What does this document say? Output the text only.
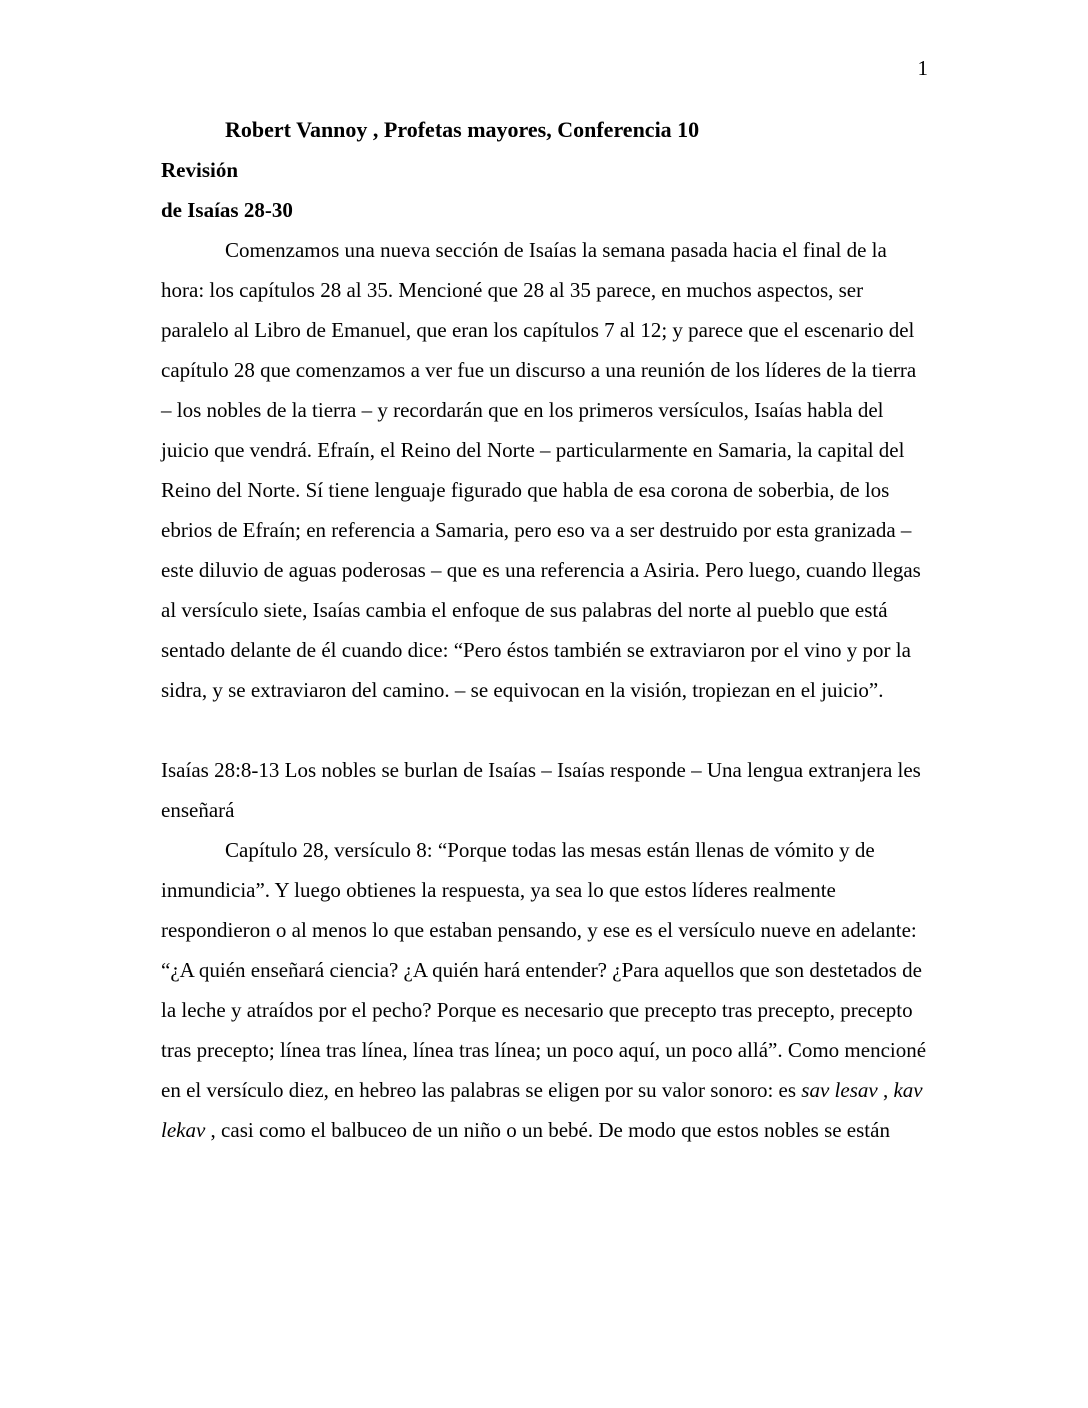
1

Robert Vannoy , Profetas mayores, Conferencia 10

Revisión

de Isaías 28-30

Comenzamos una nueva sección de Isaías la semana pasada hacia el final de la hora: los capítulos 28 al 35. Mencioné que 28 al 35 parece, en muchos aspectos, ser paralelo al Libro de Emanuel, que eran los capítulos 7 al 12; y parece que el escenario del capítulo 28 que comenzamos a ver fue un discurso a una reunión de los líderes de la tierra – los nobles de la tierra – y recordarán que en los primeros versículos, Isaías habla del juicio que vendrá. Efraín, el Reino del Norte – particularmente en Samaria, la capital del Reino del Norte. Sí tiene lenguaje figurado que habla de esa corona de soberbia, de los ebrios de Efraín; en referencia a Samaria, pero eso va a ser destruido por esta granizada – este diluvio de aguas poderosas – que es una referencia a Asiria. Pero luego, cuando llegas al versículo siete, Isaías cambia el enfoque de sus palabras del norte al pueblo que está sentado delante de él cuando dice: “Pero éstos también se extraviaron por el vino y por la sidra, y se extraviaron del camino. – se equivocan en la visión, tropiezan en el juicio”.

Isaías 28:8-13 Los nobles se burlan de Isaías – Isaías responde – Una lengua extranjera les enseñará

Capítulo 28, versículo 8: “Porque todas las mesas están llenas de vómito y de inmundicia”. Y luego obtienes la respuesta, ya sea lo que estos líderes realmente respondieron o al menos lo que estaban pensando, y ese es el versículo nueve en adelante: “¿A quién enseñará ciencia? ¿A quién hará entender? ¿Para aquellos que son destetados de la leche y atraídos por el pecho? Porque es necesario que precepto tras precepto, precepto tras precepto; línea tras línea, línea tras línea; un poco aquí, un poco allá”. Como mencioné en el versículo diez, en hebreo las palabras se eligen por su valor sonoro: es sav lesav , kav lekav , casi como el balbuceo de un niño o un bebé. De modo que estos nobles se están
